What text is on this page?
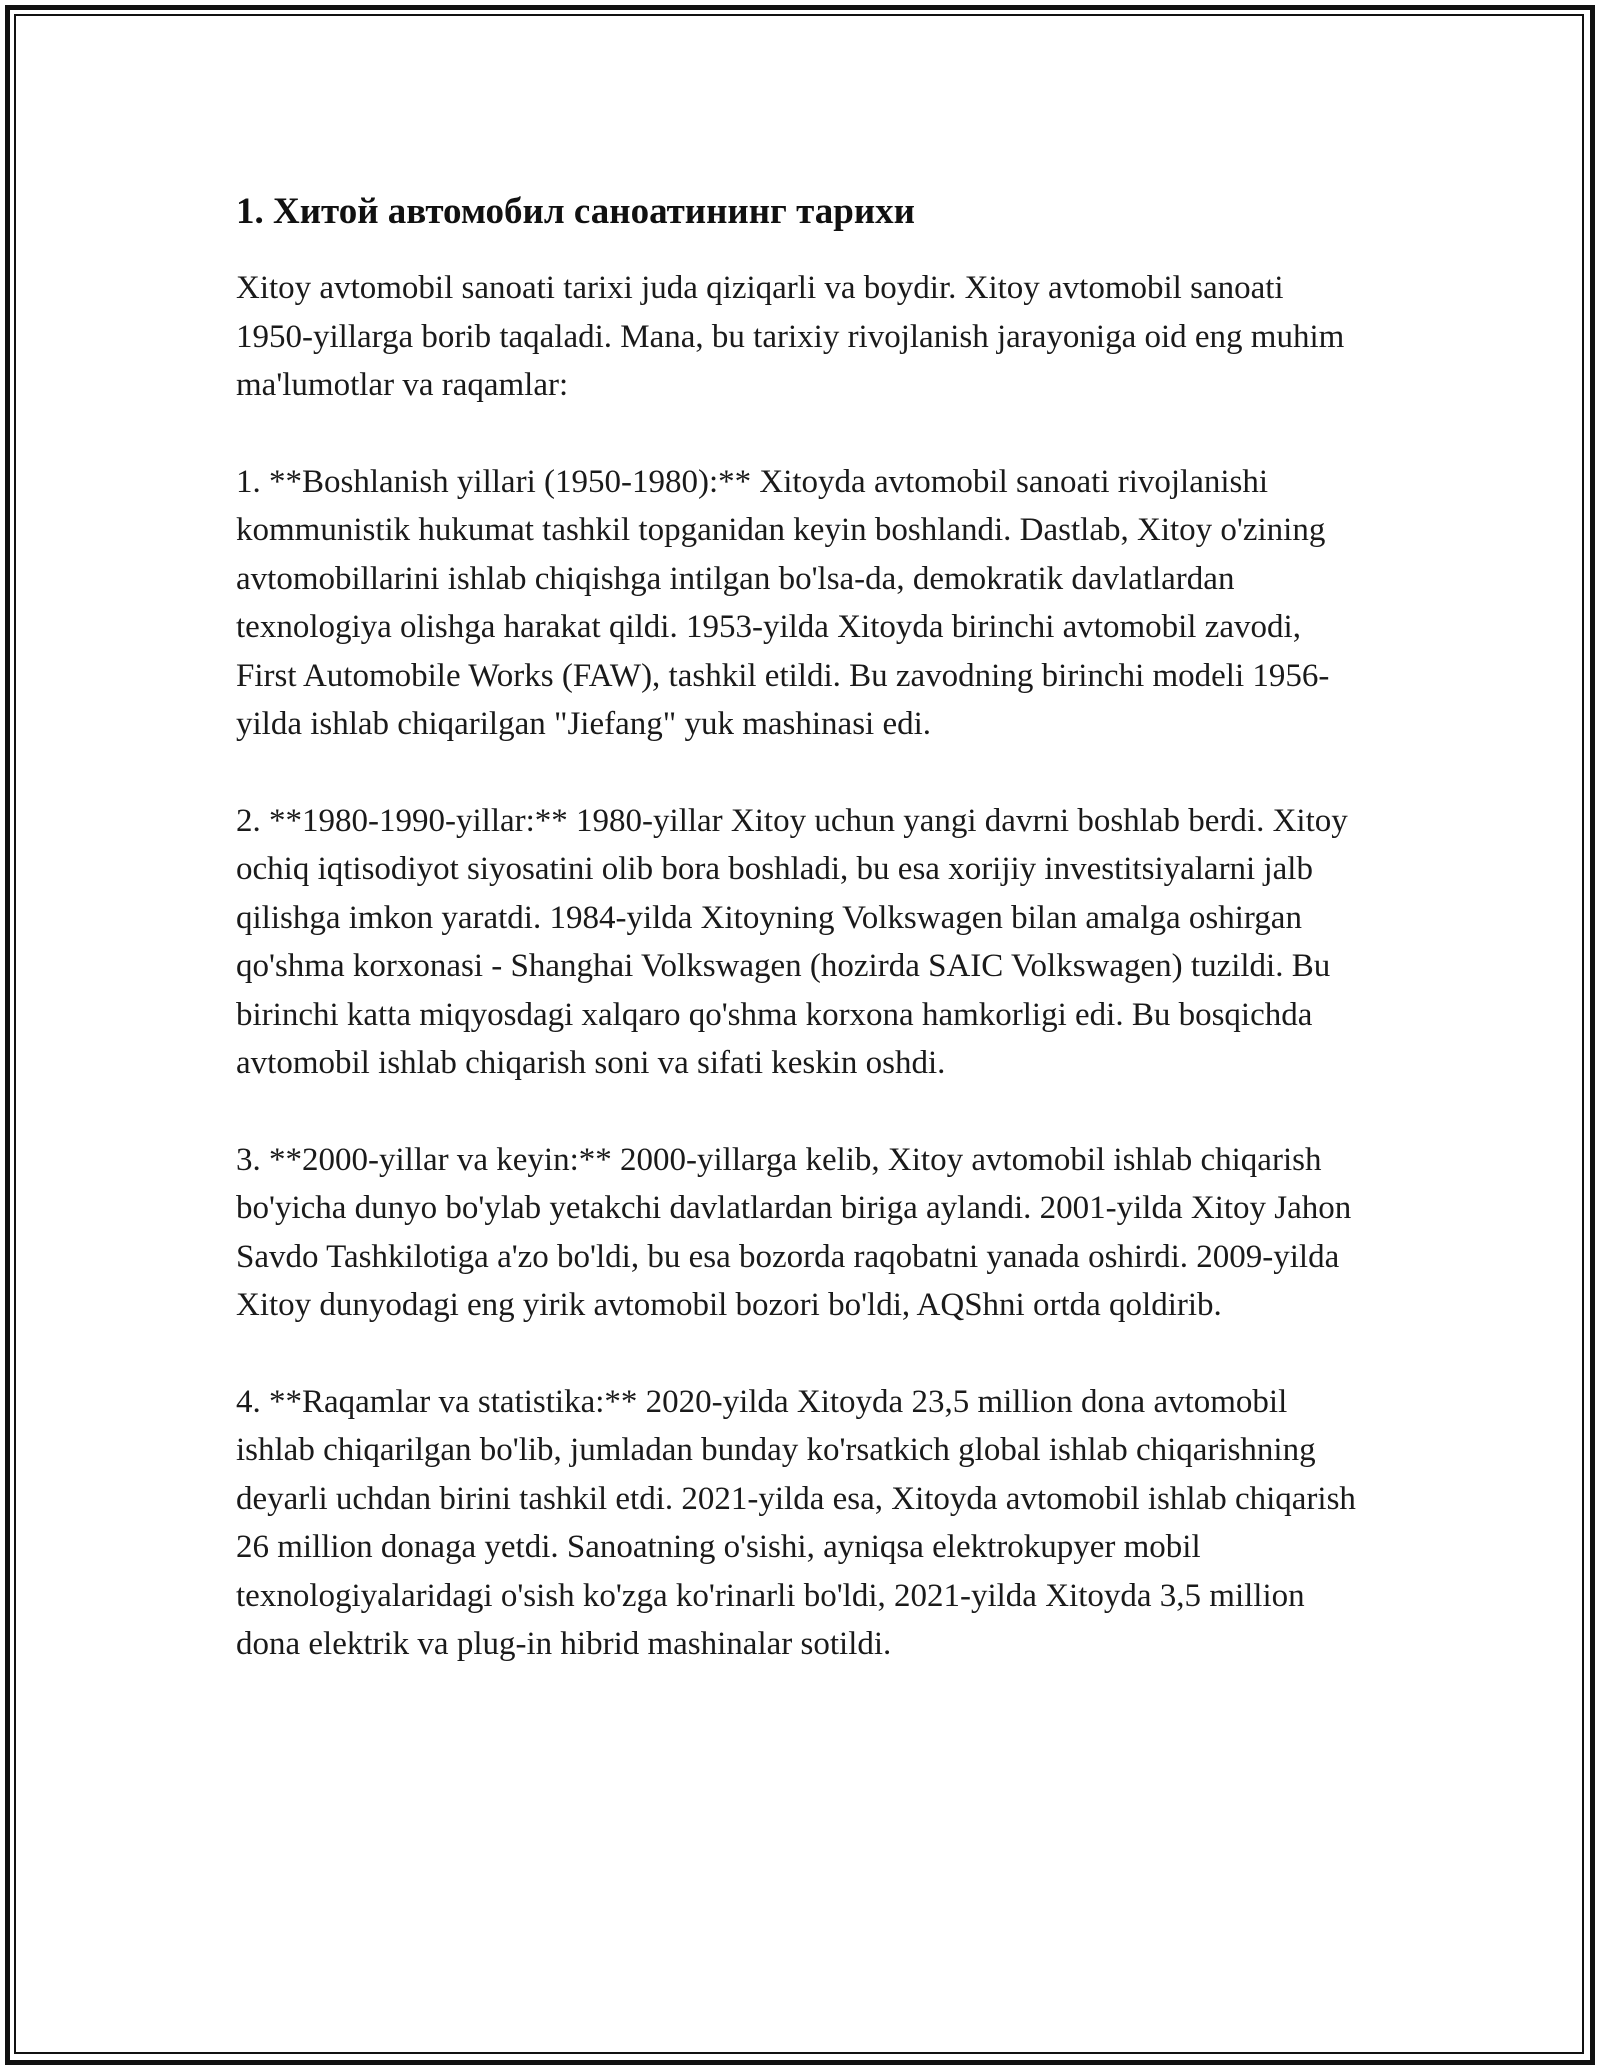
1. Хитой автомобил саноатининг тарихи

Xitoy avtomobil sanoati tarixi juda qiziqarli va boydir. Xitoy avtomobil sanoati 1950-yillarga borib taqaladi. Mana, bu tarixiy rivojlanish jarayoniga oid eng muhim ma'lumotlar va raqamlar:

1. **Boshlanish yillari (1950-1980):** Xitoyda avtomobil sanoati rivojlanishi kommunistik hukumat tashkil topganidan keyin boshlandi. Dastlab, Xitoy o'zining avtomobillarini ishlab chiqishga intilgan bo'lsa-da, demokratik davlatlardan texnologiya olishga harakat qildi. 1953-yilda Xitoyda birinchi avtomobil zavodi, First Automobile Works (FAW), tashkil etildi. Bu zavodning birinchi modeli 1956-yilda ishlab chiqarilgan "Jiefang" yuk mashinasi edi.

2. **1980-1990-yillar:** 1980-yillar Xitoy uchun yangi davrni boshlab berdi. Xitoy ochiq iqtisodiyot siyosatini olib bora boshladi, bu esa xorijiy investitsiyalarni jalb qilishga imkon yaratdi. 1984-yilda Xitoyning Volkswagen bilan amalga oshirgan qo'shma korxonasi - Shanghai Volkswagen (hozirda SAIC Volkswagen) tuzildi. Bu birinchi katta miqyosdagi xalqaro qo'shma korxona hamkorligi edi. Bu bosqichda avtomobil ishlab chiqarish soni va sifati keskin oshdi.

3. **2000-yillar va keyin:** 2000-yillarga kelib, Xitoy avtomobil ishlab chiqarish bo'yicha dunyo bo'ylab yetakchi davlatlardan biriga aylandi. 2001-yilda Xitoy Jahon Savdo Tashkilotiga a'zo bo'ldi, bu esa bozorda raqobatni yanada oshirdi. 2009-yilda Xitoy dunyodagi eng yirik avtomobil bozori bo'ldi, AQShni ortda qoldirib.

4. **Raqamlar va statistika:** 2020-yilda Xitoyda 23,5 million dona avtomobil ishlab chiqarilgan bo'lib, jumladan bunday ko'rsatkich global ishlab chiqarishning deyarli uchdan birini tashkil etdi. 2021-yilda esa, Xitoyda avtomobil ishlab chiqarish 26 million donaga yetdi. Sanoatning o'sishi, ayniqsa elektrokupyer mobil texnologiyalaridagi o'sish ko'zga ko'rinarli bo'ldi, 2021-yilda Xitoyda 3,5 million dona elektrik va plug-in hibrid mashinalar sotildi.
